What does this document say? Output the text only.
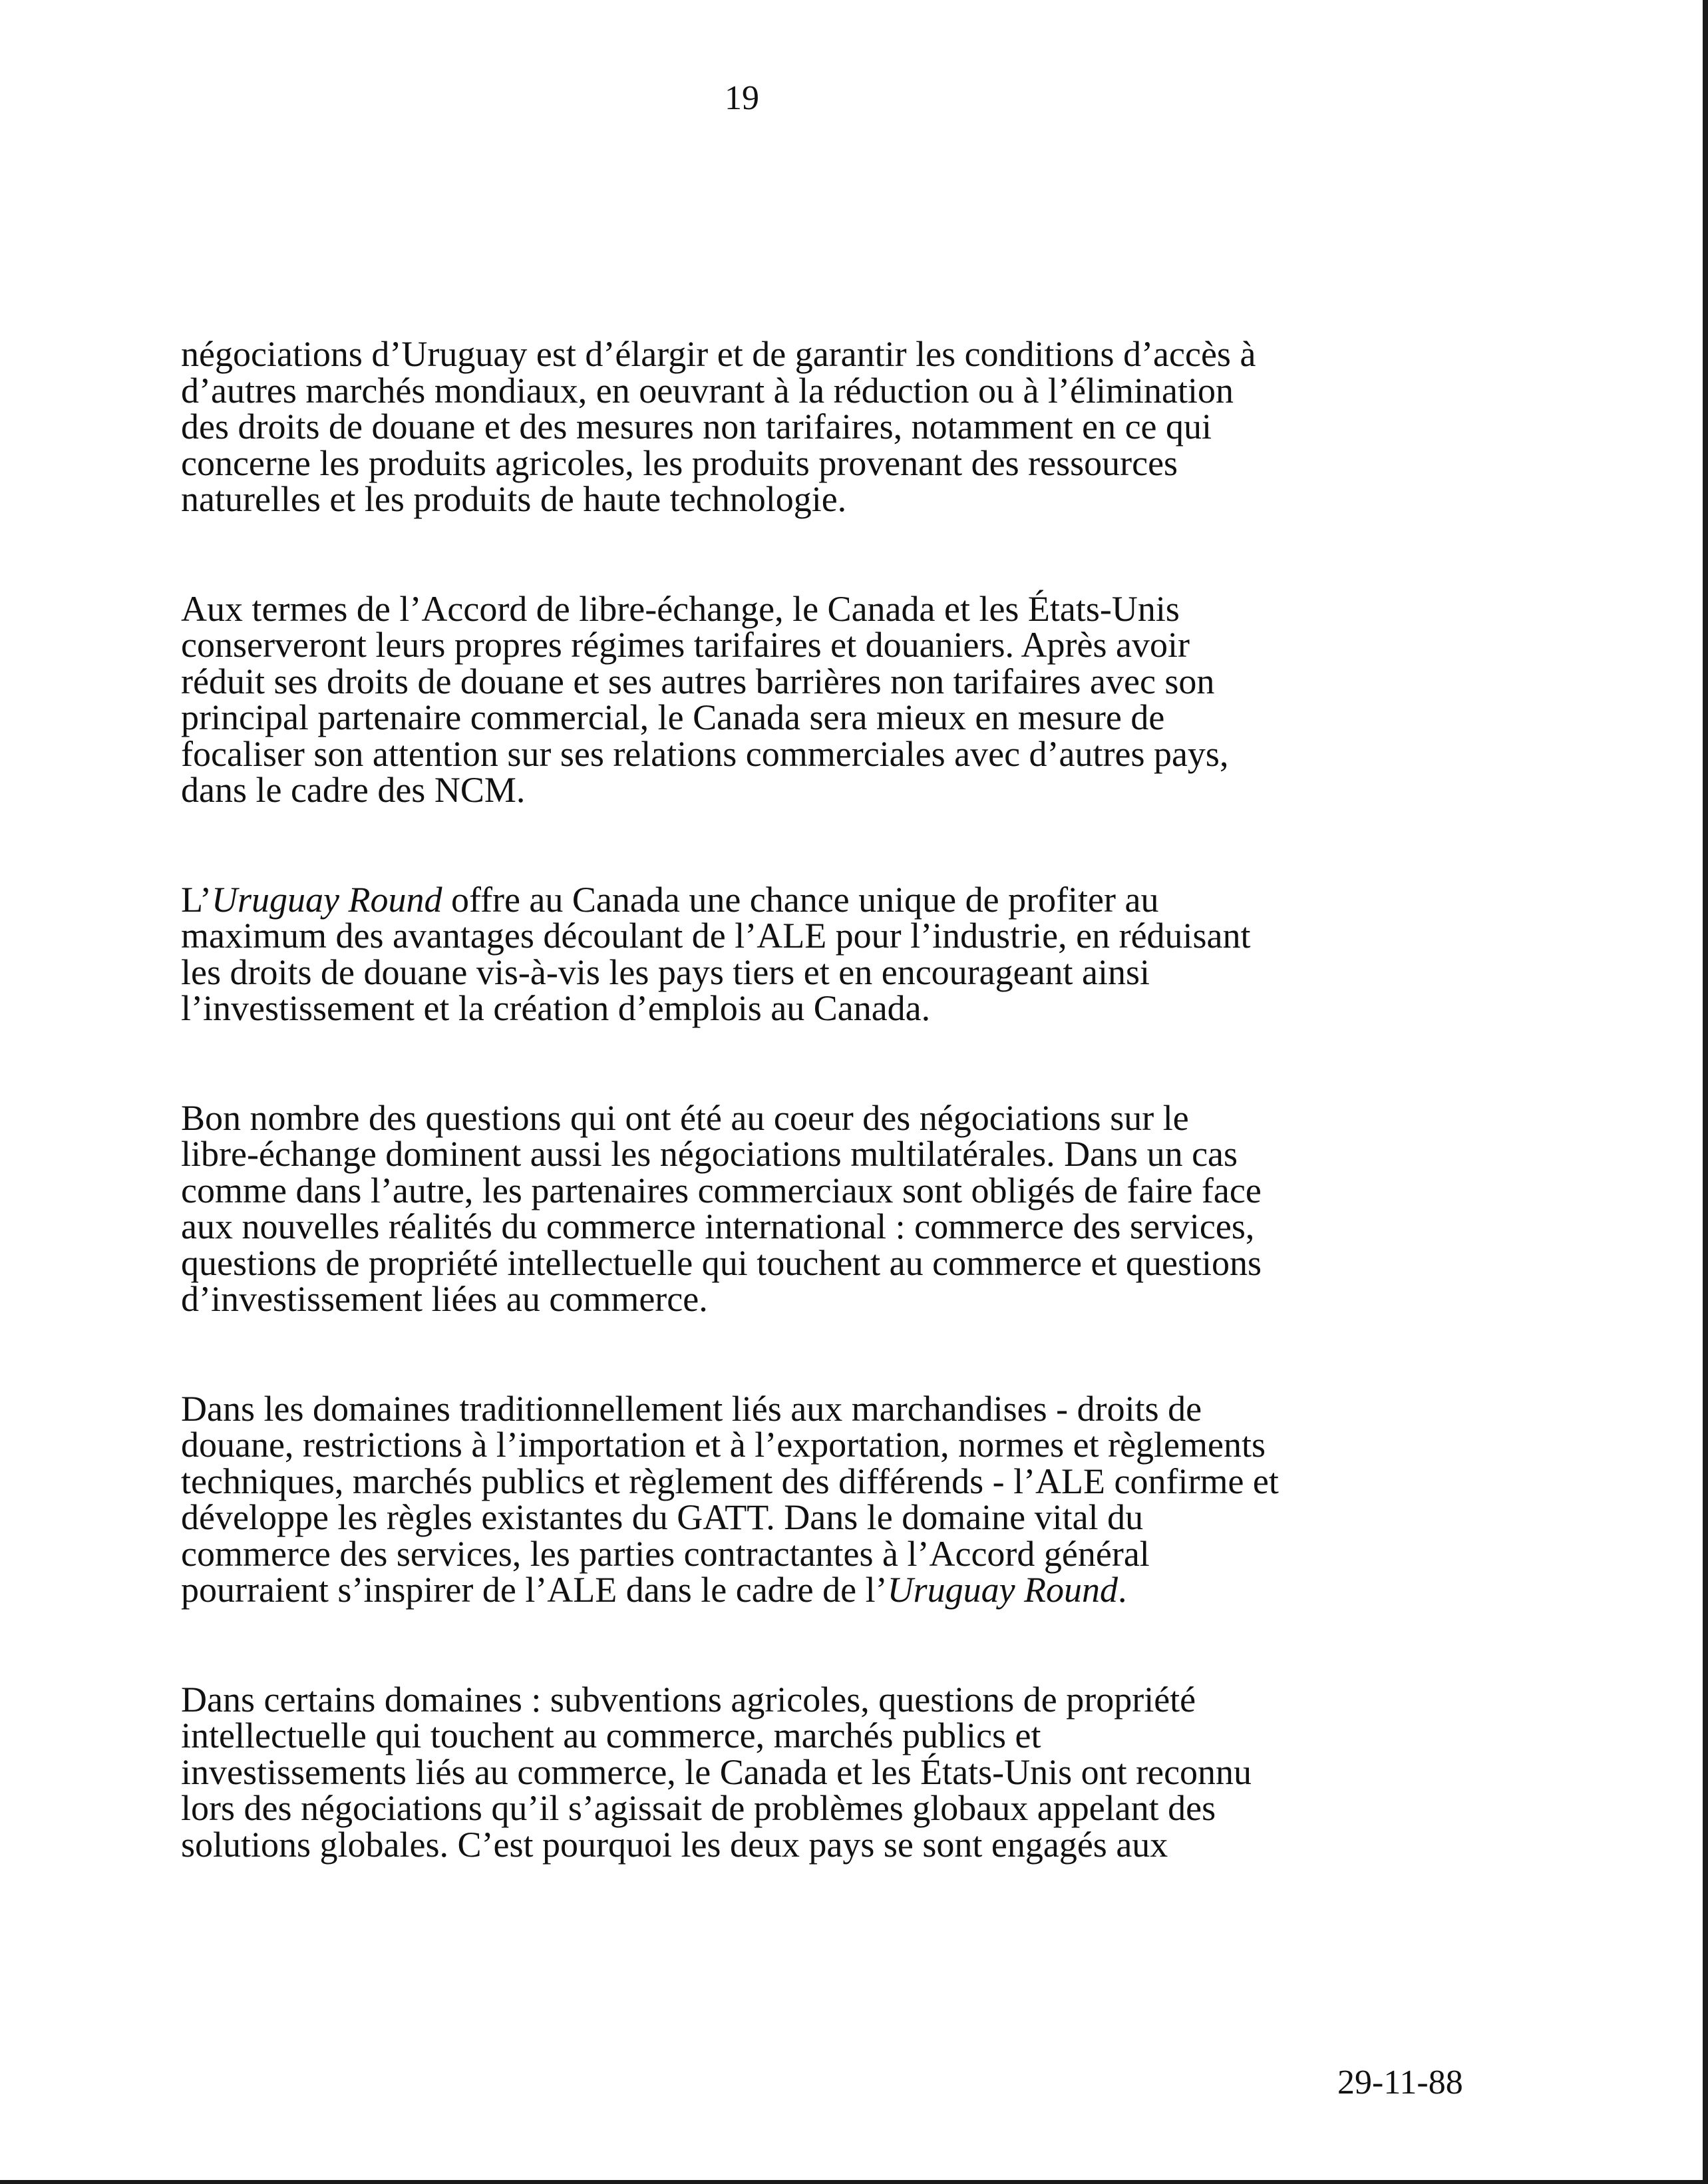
19

négociations d’Uruguay est d’élargir et de garantir les conditions d’accès à
d’autres marchés mondiaux, en oeuvrant à la réduction ou à l’élimination
des droits de douane et des mesures non tarifaires, notamment en ce qui
concerne les produits agricoles, les produits provenant des ressources
naturelles et les produits de haute technologie.

Aux termes de l’Accord de libre-échange, le Canada et les États-Unis
conserveront leurs propres régimes tarifaires et douaniers. Après avoir
réduit ses droits de douane et ses autres barrières non tarifaires avec son
principal partenaire commercial, le Canada sera mieux en mesure de
focaliser son attention sur ses relations commerciales avec d’autres pays,
dans le cadre des NCM.

L’Uruguay Round offre au Canada une chance unique de profiter au
maximum des avantages découlant de l’ALE pour l’industrie, en réduisant
les droits de douane vis-à-vis les pays tiers et en encourageant ainsi
l’investissement et la création d’emplois au Canada.

Bon nombre des questions qui ont été au coeur des négociations sur le
libre-échange dominent aussi les négociations multilatérales. Dans un cas
comme dans l’autre, les partenaires commerciaux sont obligés de faire face
aux nouvelles réalités du commerce international : commerce des services,
questions de propriété intellectuelle qui touchent au commerce et questions
d’investissement liées au commerce.

Dans les domaines traditionnellement liés aux marchandises - droits de
douane, restrictions à l’importation et à l’exportation, normes et règlements
techniques, marchés publics et règlement des différends - l’ALE confirme et
développe les règles existantes du GATT. Dans le domaine vital du
commerce des services, les parties contractantes à l’Accord général
pourraient s’inspirer de l’ALE dans le cadre de l’Uruguay Round.

Dans certains domaines : subventions agricoles, questions de propriété
intellectuelle qui touchent au commerce, marchés publics et
investissements liés au commerce, le Canada et les États-Unis ont reconnu
lors des négociations qu’il s’agissait de problèmes globaux appelant des
solutions globales. C’est pourquoi les deux pays se sont engagés aux

29-11-88
